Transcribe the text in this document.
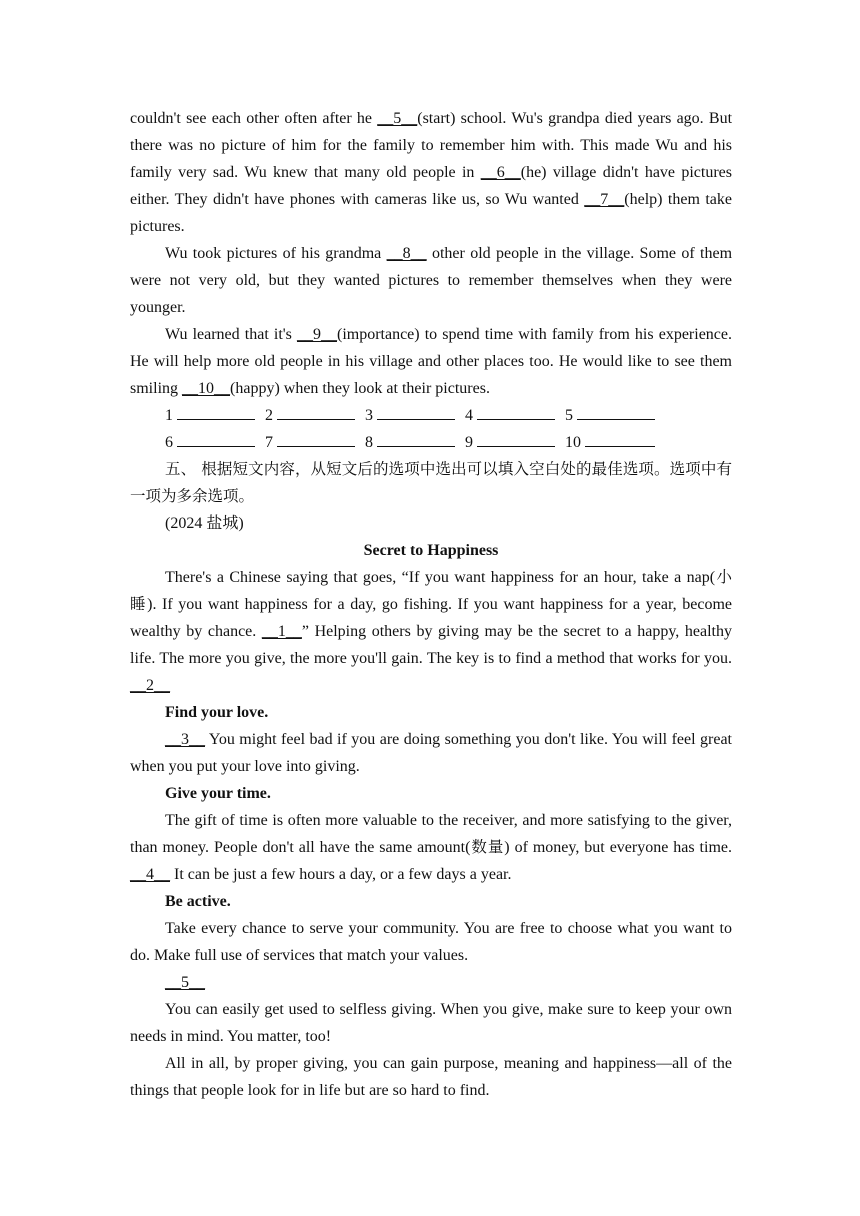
couldn't see each other often after he __5__(start) school. Wu's grandpa died years ago. But there was no picture of him for the family to remember him with. This made Wu and his family very sad. Wu knew that many old people in __6__(he) village didn't have pictures either. They didn't have phones with cameras like us, so Wu wanted __7__(help) them take pictures.

Wu took pictures of his grandma __8__ other old people in the village. Some of them were not very old, but they wanted pictures to remember themselves when they were younger.

Wu learned that it's __9__(importance) to spend time with family from his experience. He will help more old people in his village and other places too. He would like to see them smiling __10__(happy) when they look at their pictures.

1	2	3	4	5

6	7	8	9	10

五、 根据短文内容，从短文后的选项中选出可以填入空白处的最佳选项。选项中有一项为多余选项。

(2024 盐城)

Secret to Happiness

There's a Chinese saying that goes, “If you want happiness for an hour, take a nap(小睡). If you want happiness for a day, go fishing. If you want happiness for a year, become wealthy by chance. __1__” Helping others by giving may be the secret to a happy, healthy life. The more you give, the more you'll gain. The key is to find a method that works for you. __2__

Find your love.

__3__ You might feel bad if you are doing something you don't like. You will feel great when you put your love into giving.

Give your time.

The gift of time is often more valuable to the receiver, and more satisfying to the giver, than money. People don't all have the same amount(数量) of money, but everyone has time. __4__ It can be just a few hours a day, or a few days a year.

Be active.

Take every chance to serve your community. You are free to choose what you want to do. Make full use of services that match your values.

__5__

You can easily get used to selfless giving. When you give, make sure to keep your own needs in mind. You matter, too!

All in all, by proper giving, you can gain purpose, meaning and happiness—all of the things that people look for in life but are so hard to find.
